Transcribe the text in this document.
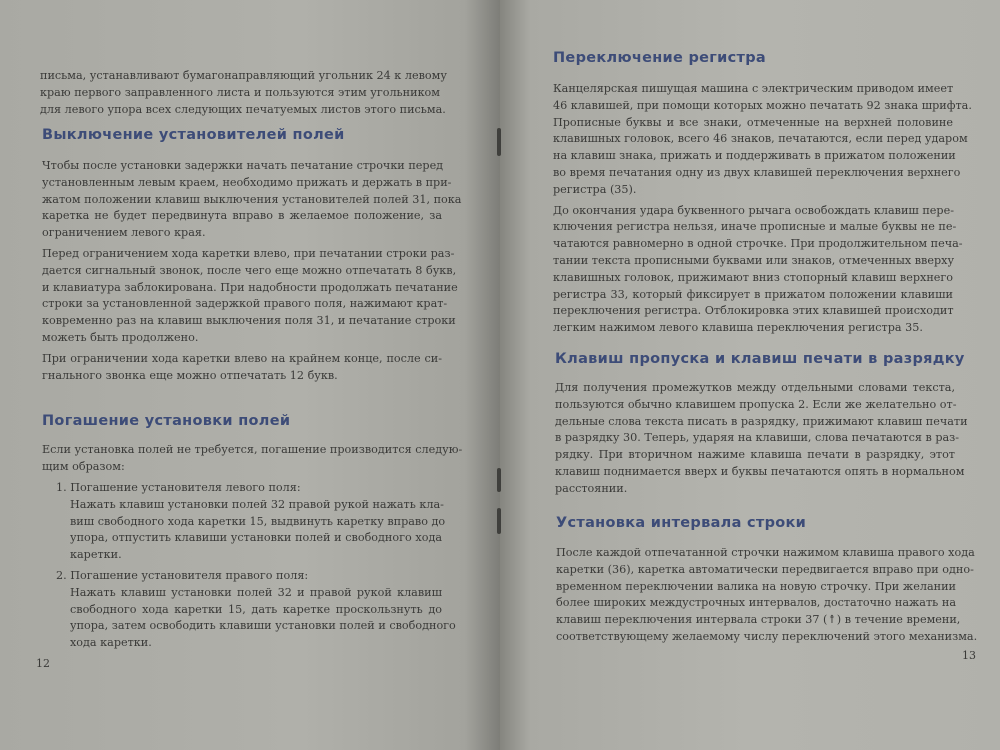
письма, устанавливают бумагонаправляющий угольник 24 к левому
краю первого заправленного листа и пользуются этим угольником
для левого упора всех следующих печатуемых листов этого письма.
Выключение установителей полей
Чтобы после установки задержки начать печатание строчки перед
установленным левым краем, необходимо прижать и держать в при-
жатом положении клавиш выключения установителей полей 31, пока
каретка не будет передвинута вправо в желаемое положение, за
ограничением левого края.
Перед ограничением хода каретки влево, при печатании строки раз-
дается сигнальный звонок, после чего еще можно отпечатать 8 букв,
и клавиатура заблокирована. При надобности продолжать печатание
строки за установленной задержкой правого поля, нажимают крат-
ковременно раз на клавиш выключения поля 31, и печатание строки
можеть быть продолжено.
При ограничении хода каретки влево на крайнем конце, после си-
гнального звонка еще можно отпечатать 12 букв.
Погашение установки полей
Если установка полей не требуется, погашение производится следую-
щим образом:
1. Погашение установителя левого поля:
Нажать клавиш установки полей 32 правой рукой нажать кла-
виш свободного хода каретки 15, выдвинуть каретку вправо до
упора, отпустить клавиши установки полей и свободного хода
каретки.
2. Погашение установителя правого поля:
Нажать клавиш установки полей 32 и правой рукой клавиш
свободного хода каретки 15, дать каретке проскользнуть до
упора, затем освободить клавиши установки полей и свободного
хода каретки.
12
Переключение регистра
Канцелярская пишущая машина с электрическим приводом имеет
46 клавишей, при помощи которых можно печатать 92 знака шрифта.
Прописные буквы и все знаки, отмеченные на верхней половине
клавишных головок, всего 46 знаков, печатаются, если перед ударом
на клавиш знака, прижать и поддерживать в прижатом положении
во время печатания одну из двух клавишей переключения верхнего
регистра (35).
До окончания удара буквенного рычага освобождать клавиш пере-
ключения регистра нельзя, иначе прописные и малые буквы не пе-
чатаются равномерно в одной строчке. При продолжительном печа-
тании текста прописными буквами или знаков, отмеченных вверху
клавишных головок, прижимают вниз стопорный клавиш верхнего
регистра 33, который фиксирует в прижатом положении клавиши
переключения регистра. Отблокировка этих клавишей происходит
легким нажимом левого клавиша переключения регистра 35.
Клавиш пропуска и клавиш печати в разрядку
Для получения промежутков между отдельными словами текста,
пользуются обычно клавишем пропуска 2. Если же желательно от-
дельные слова текста писать в разрядку, прижимают клавиш печати
в разрядку 30. Теперь, ударяя на клавиши, слова печатаются в раз-
рядку. При вторичном нажиме клавиша печати в разрядку, этот
клавиш поднимается вверх и буквы печатаются опять в нормальном
расстоянии.
Установка интервала строки
После каждой отпечатанной строчки нажимом клавиша правого хода
каретки (36), каретка автоматически передвигается вправо при одно-
временном переключении валика на новую строчку. При желании
более широких междустрочных интервалов, достаточно нажать на
клавиш переключения интервала строки 37 (↟) в течение времени,
соответствующему желаемому числу переключений этого механизма.
13
